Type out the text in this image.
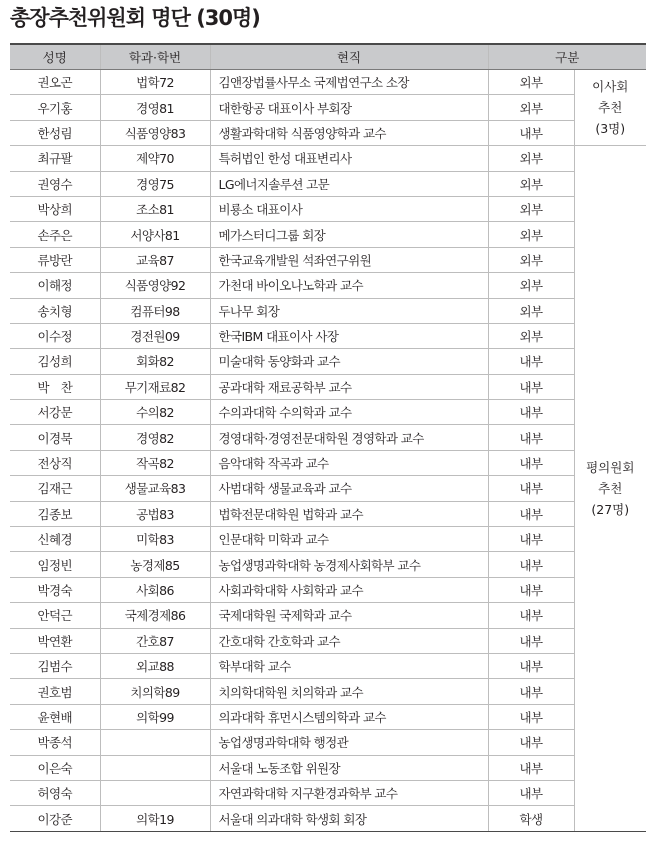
총장추천위원회 명단 (30명)
성명	학과·학번	현직	구분	
권오곤	법학72	김앤장법률사무소 국제법연구소 소장	외부	이사회
추천
(3명)

우기홍	경영81	대한항공 대표이사 부회장	외부	
한성림	식품영양83	생활과학대학 식품영양학과 교수	내부	
최규팔	제약70	특허법인 한성 대표변리사	외부	평의원회
추천
(27명)

권영수	경영75	LG에너지솔루션 고문	외부	
박상희	조소81	비룡소 대표이사	외부	
손주은	서양사81	메가스터디그룹 회장	외부	
류방란	교육87	한국교육개발원 석좌연구위원	외부	
이해정	식품영양92	가천대 바이오나노학과 교수	외부	
송치형	컴퓨터98	두나무 회장	외부	
이수정	경전원09	한국IBM 대표이사 사장	외부	
김성희	회화82	미술대학 동양화과 교수	내부	
박　찬	무기재료82	공과대학 재료공학부 교수	내부	
서강문	수의82	수의과대학 수의학과 교수	내부	
이경묵	경영82	경영대학·경영전문대학원 경영학과 교수	내부	
전상직	작곡82	음악대학 작곡과 교수	내부	
김재근	생물교육83	사범대학 생물교육과 교수	내부	
김종보	공법83	법학전문대학원 법학과 교수	내부	
신혜경	미학83	인문대학 미학과 교수	내부	
임정빈	농경제85	농업생명과학대학 농경제사회학부 교수	내부	
박경숙	사회86	사회과학대학 사회학과 교수	내부	
안덕근	국제경제86	국제대학원 국제학과 교수	내부	
박연환	간호87	간호대학 간호학과 교수	내부	
김범수	외교88	학부대학 교수	내부	
권호범	치의학89	치의학대학원 치의학과 교수	내부	
윤현배	의학99	의과대학 휴먼시스템의학과 교수	내부	
박종석		농업생명과학대학 행정관	내부	
이은숙		서울대 노동조합 위원장	내부	
허영숙		자연과학대학 지구환경과학부 교수	내부	
이강준	의학19	서울대 의과대학 학생회 회장	학생	
